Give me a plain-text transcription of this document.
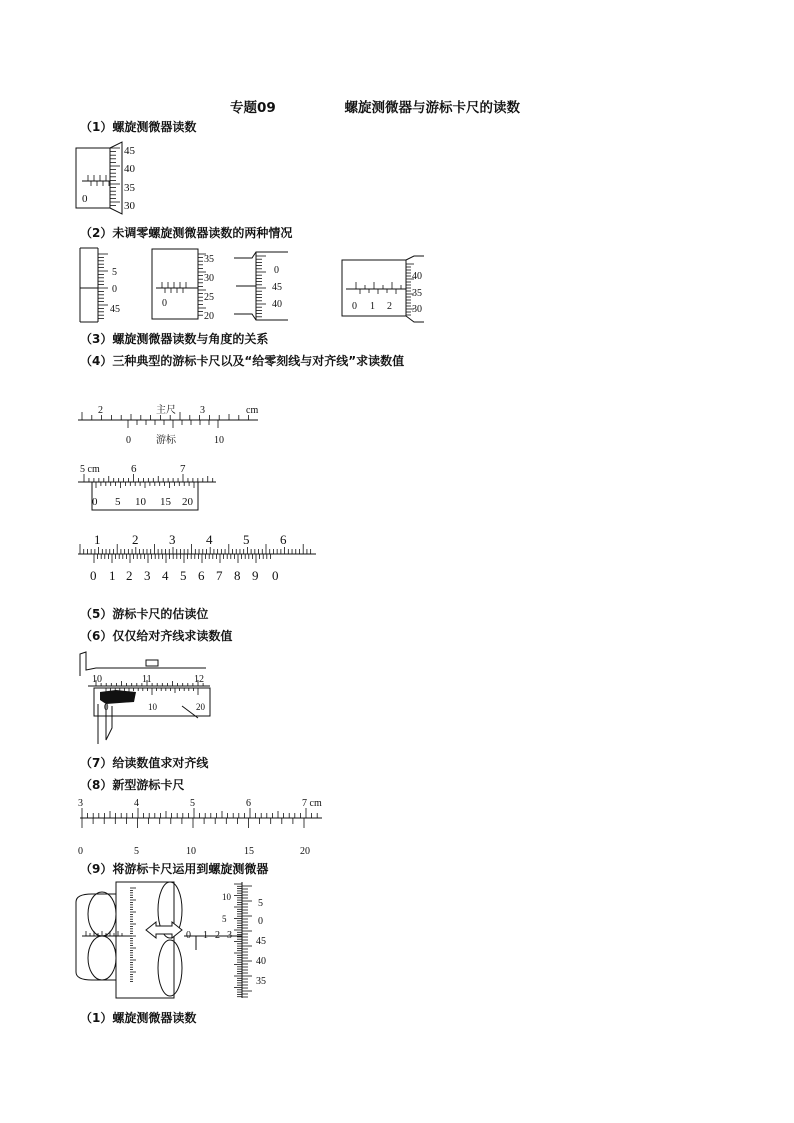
专题09	螺旋测微器与游标卡尺的读数
（1）螺旋测微器读数
（2）未调零螺旋测微器读数的两种情况
（3）螺旋测微器读数与角度的关系
（4）三种典型的游标卡尺以及“给零刻线与对齐线”求读数值
（5）游标卡尺的估读位
（6）仅仅给对齐线求读数值
（7）给读数值求对齐线
（8）新型游标卡尺
（9）将游标卡尺运用到螺旋测微器
（1）螺旋测微器读数
45
40
35
30
0
5
0
45
35
30
25
20
0
0
45
40
40
35
30
0 1 2
2	主尺 3	cm
0	游标	10
5 cm	6	7
0 5 10 15 20
1 2 3 4 5 6
0 1 2 3 4 5 6 7 8 9 0
10	11	12
0	10	20
3	4	5	6	7 cm
0	5	10	15	20
0 1 2 3
10
5
5	0
45
40
35
